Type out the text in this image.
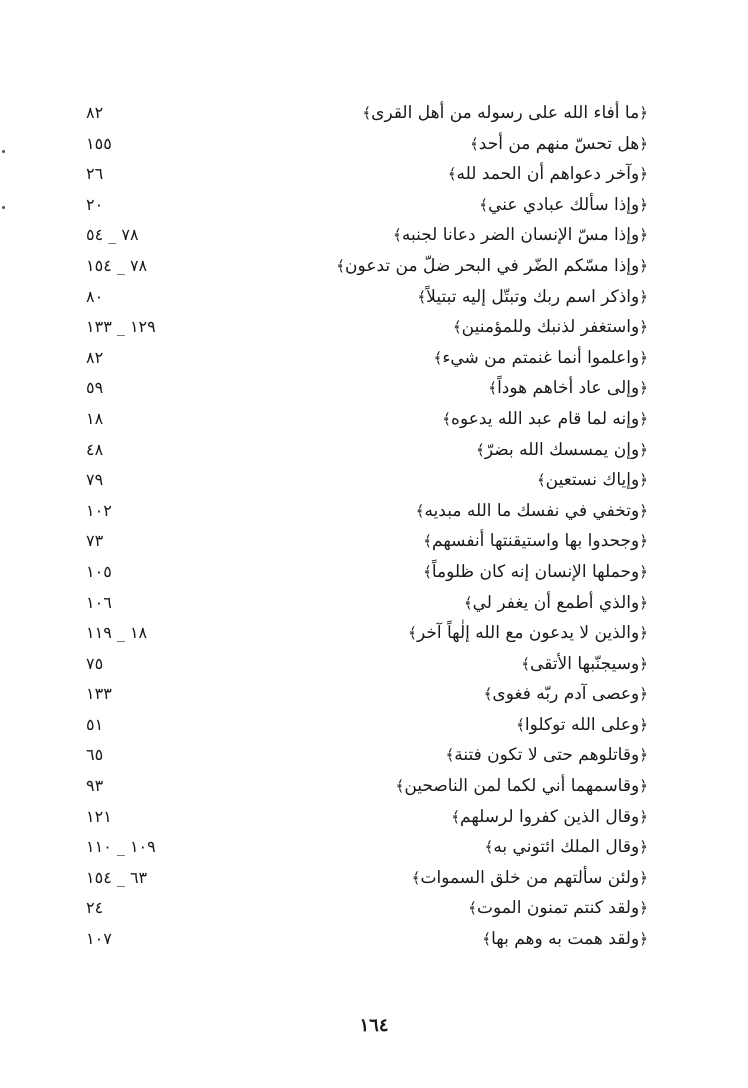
﴿ما أفاء الله على رسوله من أهل القرى﴾
٨٢
﴿هل تحسّ منهم من أحد﴾
١٥٥
﴿وآخر دعواهم أن الحمد لله﴾
٢٦
﴿وإذا سألك عبادي عني﴾
٢٠
﴿وإذا مسّ الإنسان الضر دعانا لجنبه﴾
٧٨ _ ٥٤
﴿وإذا مسّكم الضّر في البحر ضلّ من تدعون﴾
٧٨ _ ١٥٤
﴿واذكر اسم ربك وتبتّل إليه تبتيلاً﴾
٨٠
﴿واستغفر لذنبك وللمؤمنين﴾
١٢٩ _ ١٣٣
﴿واعلموا أنما غنمتم من شيء﴾
٨٢
﴿وإلى عاد أخاهم هوداً﴾
٥٩
﴿وإنه لما قام عبد الله يدعوه﴾
١٨
﴿وإن يمسسك الله بضرّ﴾
٤٨
﴿وإياك نستعين﴾
٧٩
﴿وتخفي في نفسك ما الله مبديه﴾
١٠٢
﴿وجحدوا بها واستيقنتها أنفسهم﴾
٧٣
﴿وحملها الإنسان إنه كان ظلوماً﴾
١٠٥
﴿والذي أطمع أن يغفر لي﴾
١٠٦
﴿والذين لا يدعون مع الله إلٰهاً آخر﴾
١٨ _ ١١٩
﴿وسيجنّبها الأتقى﴾
٧٥
﴿وعصى آدم ربّه فغوى﴾
١٣٣
﴿وعلى الله توكلوا﴾
٥١
﴿وقاتلوهم حتى لا تكون فتنة﴾
٦٥
﴿وقاسمهما أني لكما لمن الناصحين﴾
٩٣
﴿وقال الذين كفروا لرسلهم﴾
١٢١
﴿وقال الملك ائتوني به﴾
١٠٩ _ ١١٠
﴿ولئن سألتهم من خلق السموات﴾
٦٣ _ ١٥٤
﴿ولقد كنتم تمنون الموت﴾
٢٤
﴿ولقد همت به وهم بها﴾
١٠٧
١٦٤
